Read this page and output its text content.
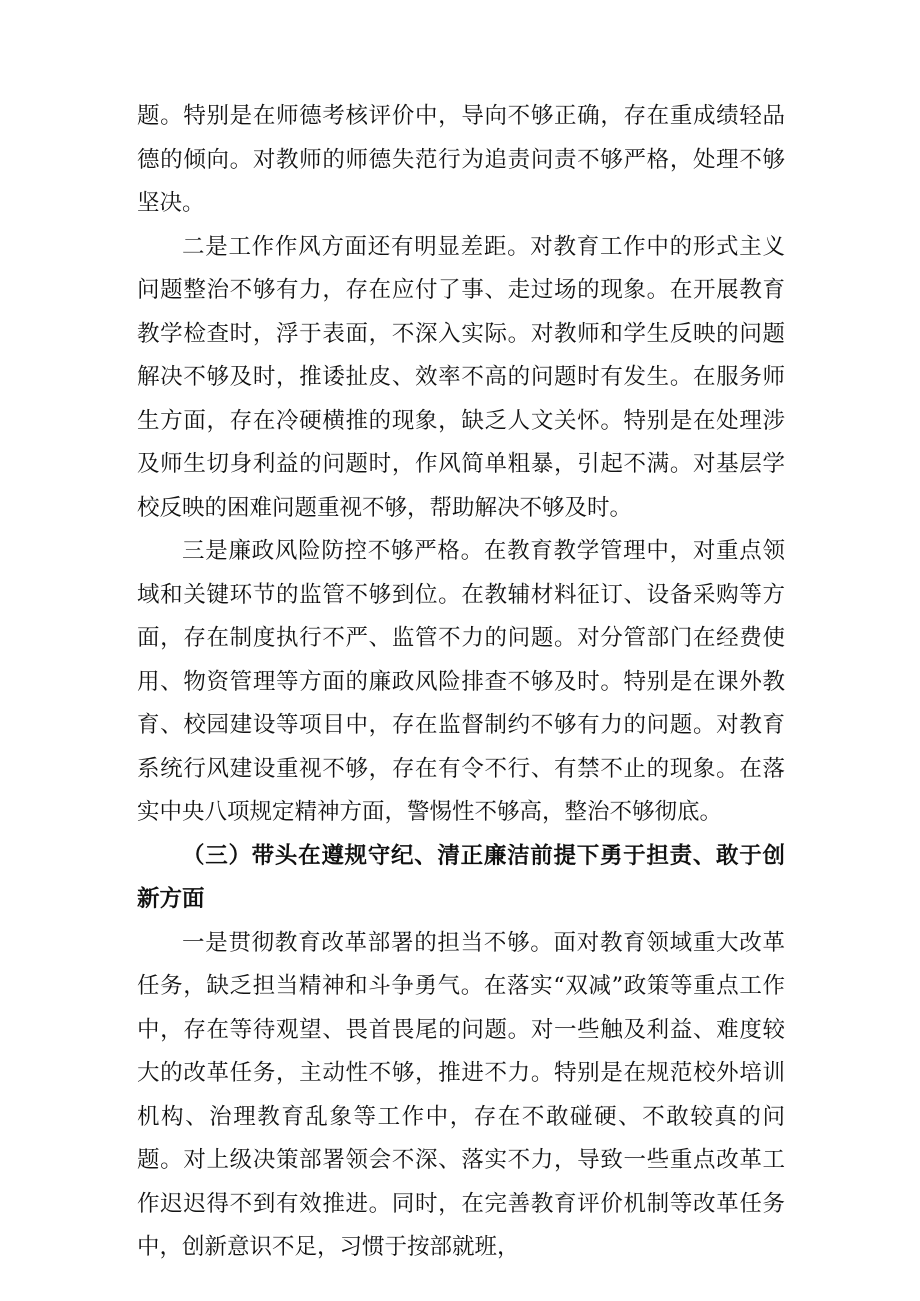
题。特别是在师德考核评价中，导向不够正确，存在重成绩轻品德的倾向。对教师的师德失范行为追责问责不够严格，处理不够坚决。

二是工作作风方面还有明显差距。对教育工作中的形式主义问题整治不够有力，存在应付了事、走过场的现象。在开展教育教学检查时，浮于表面，不深入实际。对教师和学生反映的问题解决不够及时，推诿扯皮、效率不高的问题时有发生。在服务师生方面，存在冷硬横推的现象，缺乏人文关怀。特别是在处理涉及师生切身利益的问题时，作风简单粗暴，引起不满。对基层学校反映的困难问题重视不够，帮助解决不够及时。

三是廉政风险防控不够严格。在教育教学管理中，对重点领域和关键环节的监管不够到位。在教辅材料征订、设备采购等方面，存在制度执行不严、监管不力的问题。对分管部门在经费使用、物资管理等方面的廉政风险排查不够及时。特别是在课外教育、校园建设等项目中，存在监督制约不够有力的问题。对教育系统行风建设重视不够，存在有令不行、有禁不止的现象。在落实中央八项规定精神方面，警惕性不够高，整治不够彻底。

（三）带头在遵规守纪、清正廉洁前提下勇于担责、敢于创新方面

一是贯彻教育改革部署的担当不够。面对教育领域重大改革任务，缺乏担当精神和斗争勇气。在落实“双减”政策等重点工作中，存在等待观望、畏首畏尾的问题。对一些触及利益、难度较大的改革任务，主动性不够，推进不力。特别是在规范校外培训机构、治理教育乱象等工作中，存在不敢碰硬、不敢较真的问题。对上级决策部署领会不深、落实不力，导致一些重点改革工作迟迟得不到有效推进。同时，在完善教育评价机制等改革任务中，创新意识不足，习惯于按部就班，
